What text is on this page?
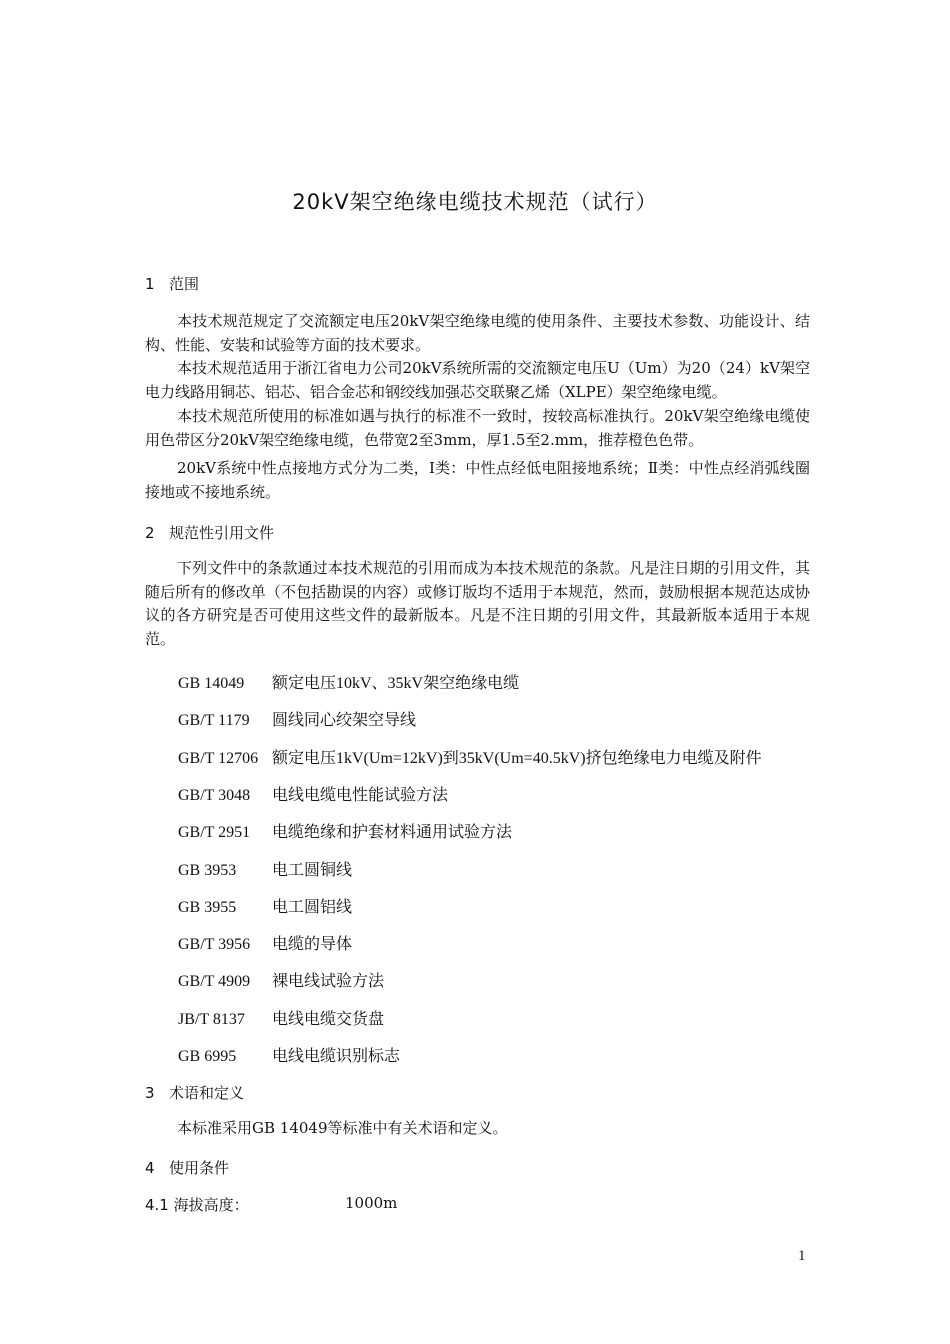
20kV架空绝缘电缆技术规范（试行）
1 范围
本技术规范规定了交流额定电压20kV架空绝缘电缆的使用条件、主要技术参数、功能设计、结构、性能、安装和试验等方面的技术要求。
本技术规范适用于浙江省电力公司20kV系统所需的交流额定电压U（Um）为20（24）kV架空电力线路用铜芯、铝芯、铝合金芯和钢绞线加强芯交联聚乙烯（XLPE）架空绝缘电缆。
本技术规范所使用的标准如遇与执行的标准不一致时，按较高标准执行。20kV架空绝缘电缆使用色带区分20kV架空绝缘电缆，色带宽2至3mm，厚1.5至2.mm，推荐橙色色带。
20kV系统中性点接地方式分为二类，Ⅰ类：中性点经低电阻接地系统；Ⅱ类：中性点经消弧线圈接地或不接地系统。
2 规范性引用文件
下列文件中的条款通过本技术规范的引用而成为本技术规范的条款。凡是注日期的引用文件，其随后所有的修改单（不包括勘误的内容）或修订版均不适用于本规范，然而，鼓励根据本规范达成协议的各方研究是否可使用这些文件的最新版本。凡是不注日期的引用文件，其最新版本适用于本规范。
GB 14049 额定电压10kV、35kV架空绝缘电缆
GB/T 1179 圆线同心绞架空导线
GB/T 12706 额定电压1kV(Um=12kV)到35kV(Um=40.5kV)挤包绝缘电力电缆及附件
GB/T 3048 电线电缆电性能试验方法
GB/T 2951 电缆绝缘和护套材料通用试验方法
GB 3953 电工圆铜线
GB 3955 电工圆铝线
GB/T 3956 电缆的导体
GB/T 4909 裸电线试验方法
JB/T 8137 电线电缆交货盘
GB 6995 电线电缆识别标志
3 术语和定义
本标准采用GB 14049等标准中有关术语和定义。
4 使用条件
4.1 海拔高度：	1000m
1
